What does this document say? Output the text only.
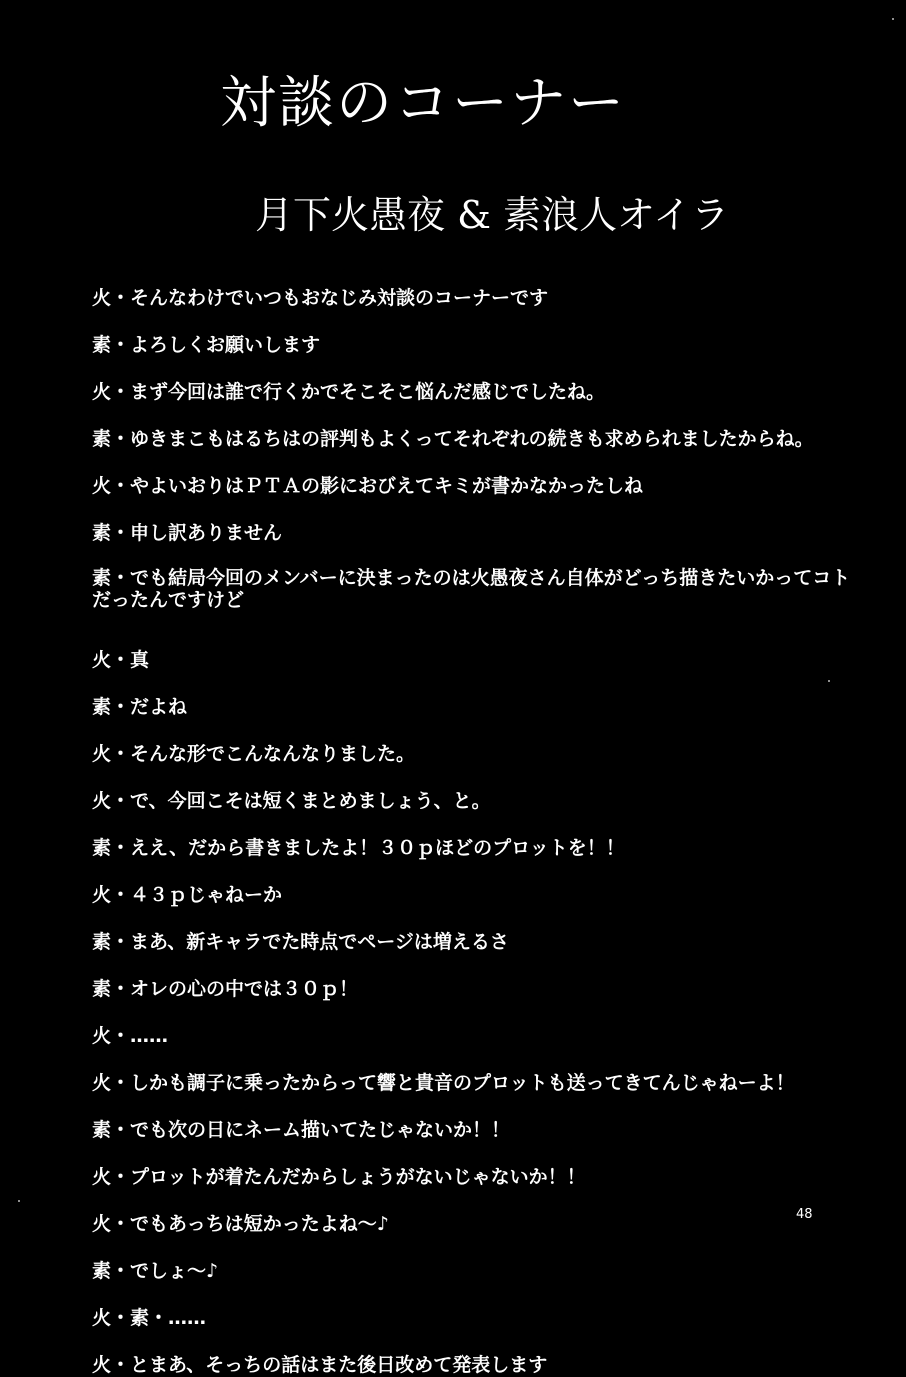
対談のコーナー
月下火愚夜 & 素浪人オイラ
火・そんなわけでいつもおなじみ対談のコーナーです
素・よろしくお願いします
火・まず今回は誰で行くかでそこそこ悩んだ感じでしたね。
素・ゆきまこもはるちはの評判もよくってそれぞれの続きも求められましたからね。
火・やよいおりはＰＴＡの影におびえてキミが書かなかったしね
素・申し訳ありません
素・でも結局今回のメンバーに決まったのは火愚夜さん自体がどっち描きたいかってコトだったんですけど
火・真
素・だよね
火・そんな形でこんなんなりました。
火・で、今回こそは短くまとめましょう、と。
素・ええ、だから書きましたよ！３０ｐほどのプロットを！！
火・４３ｐじゃねーか
素・まあ、新キャラでた時点でページは増えるさ
素・オレの心の中では３０ｐ！
火・……
火・しかも調子に乗ったからって響と貴音のプロットも送ってきてんじゃねーよ！
素・でも次の日にネーム描いてたじゃないか！！
火・プロットが着たんだからしょうがないじゃないか！！
火・でもあっちは短かったよね～♪
素・でしょ～♪
火・素・……
火・とまあ、そっちの話はまた後日改めて発表します
48
